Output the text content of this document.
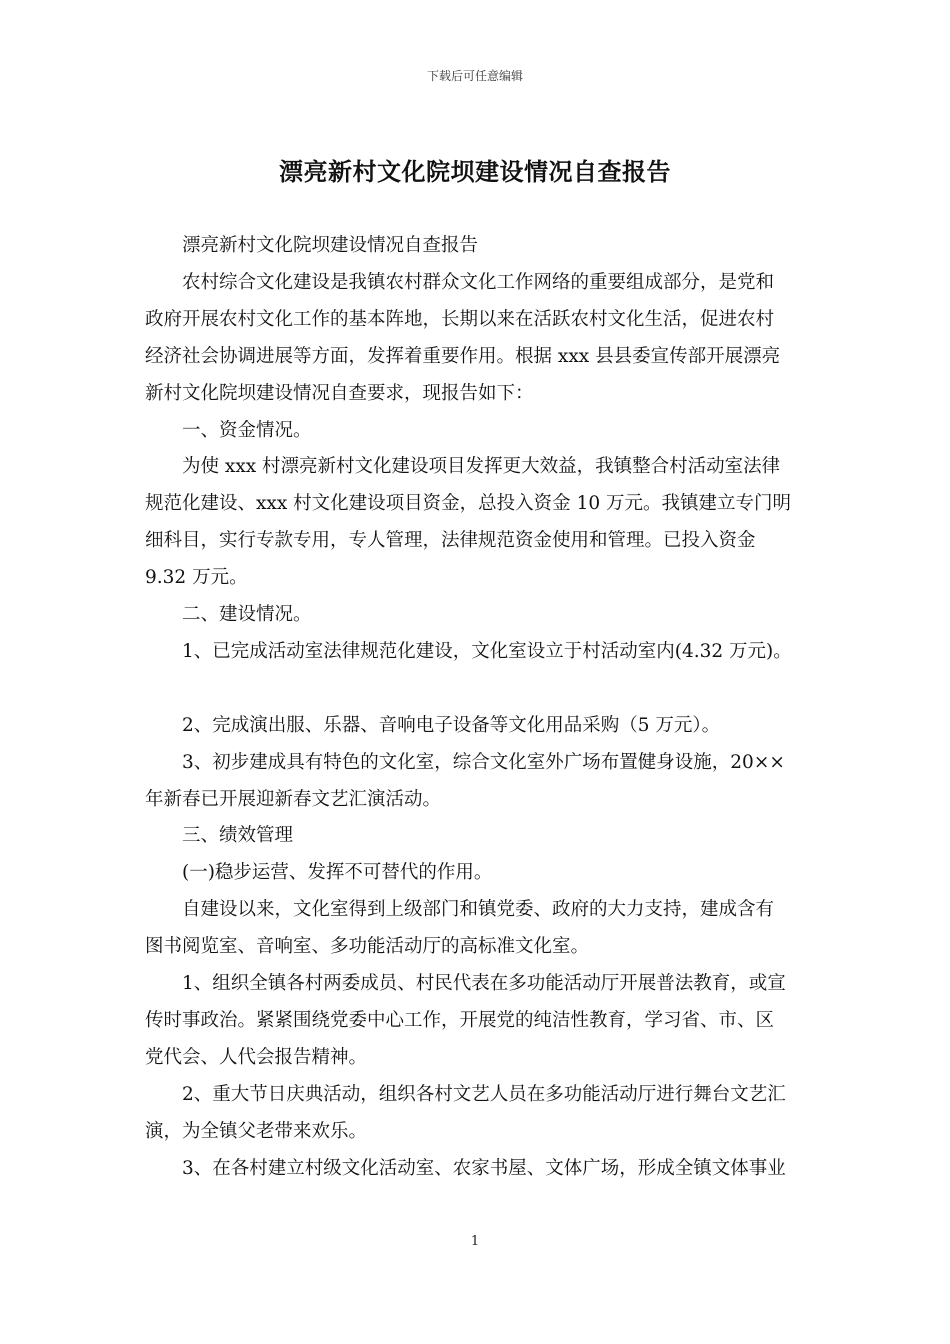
下载后可任意编辑
漂亮新村文化院坝建设情况自查报告
漂亮新村文化院坝建设情况自查报告
农村综合文化建设是我镇农村群众文化工作网络的重要组成部分，是党和
政府开展农村文化工作的基本阵地，长期以来在活跃农村文化生活，促进农村
经济社会协调进展等方面，发挥着重要作用。根据 xxx 县县委宣传部开展漂亮
新村文化院坝建设情况自查要求，现报告如下：
一、资金情况。
为使 xxx 村漂亮新村文化建设项目发挥更大效益，我镇整合村活动室法律
规范化建设、xxx 村文化建设项目资金，总投入资金 10 万元。我镇建立专门明
细科目，实行专款专用，专人管理，法律规范资金使用和管理。已投入资金
9.32 万元。
二、建设情况。
1、已完成活动室法律规范化建设，文化室设立于村活动室内(4.32 万元)。
2、完成演出服、乐器、音响电子设备等文化用品采购（5 万元）。
3、初步建成具有特色的文化室，综合文化室外广场布置健身设施，20××
年新春已开展迎新春文艺汇演活动。
三、绩效管理
(一)稳步运营、发挥不可替代的作用。
自建设以来，文化室得到上级部门和镇党委、政府的大力支持，建成含有
图书阅览室、音响室、多功能活动厅的高标准文化室。
1、组织全镇各村两委成员、村民代表在多功能活动厅开展普法教育，或宣
传时事政治。紧紧围绕党委中心工作，开展党的纯洁性教育，学习省、市、区
党代会、人代会报告精神。
2、重大节日庆典活动，组织各村文艺人员在多功能活动厅进行舞台文艺汇
演，为全镇父老带来欢乐。
3、在各村建立村级文化活动室、农家书屋、文体广场，形成全镇文体事业
1
